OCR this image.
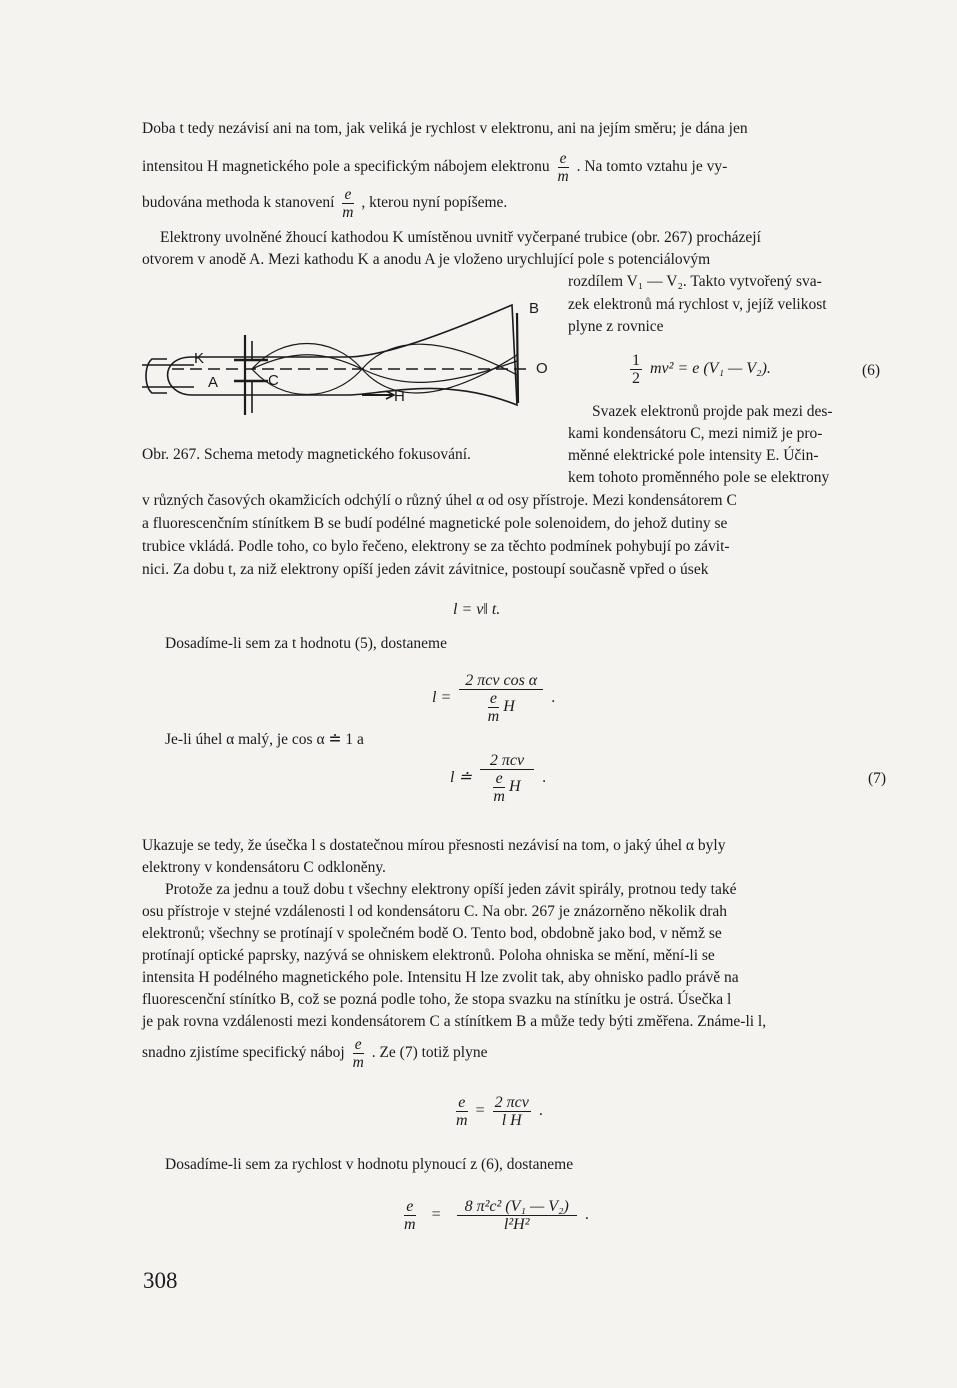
Doba t tedy nezávisí ani na tom, jak veliká je rychlost v elektronu, ani na jejím směru; je dána jen
intensitou H magnetického pole a specifickým nábojem elektronu $\frac{e}{m}$ . Na tomto vztahu je vy-
budována methoda k stanovení $\frac{e}{m}$ , kterou nyní popíšeme.
Elektrony uvolněné žhoucí kathodou K umístěnou uvnitř vyčerpané trubice (obr. 267) procházejí
otvorem v anodě A. Mezi kathodu K a anodu A je vloženo urychlující pole s potenciálovým
rozdílem V₁ — V₂. Takto vytvořený sva-
zek elektronů má rychlost v, jejíž velikost
plyne z rovnice
$\frac{1}{2} mv^2 = e$ (V₁ — V₂).	(6)
K
A	C
B
O
H
Obr. 267. Schema metody magnetického fokusování.
Svazek elektronů projde pak mezi des-
kami kondensátoru C, mezi nimiž je pro-
měnné elektrické pole intensity E. Účin-
kem tohoto proměnného pole se elektrony
v různých časových okamžicích odchýlí o různý úhel α od osy přístroje. Mezi kondensátorem C
a fluorescenčním stínítkem B se budí podélné magnetické pole solenoidem, do jehož dutiny se
trubice vkládá. Podle toho, co bylo řečeno, elektrony se za těchto podmínek pohybují po závit-
nici. Za dobu t, za niž elektrony opíší jeden závit závitnice, postoupí současně vpřed o úsek
l = v‖ t.
Dosadíme-li sem za t hodnotu (5), dostaneme
$l = \frac{\text{2 πcv cos α}}{\frac{e}{m} H}$ .
Je-li úhel α malý, je cos α ≐ 1 a
l ≐ $\frac{\text{2 πcv}}{\frac{e}{m} H}$ .	(7)
Ukazuje se tedy, že úsečka l s dostatečnou mírou přesnosti nezávisí na tom, o jaký úhel α byly
elektrony v kondensátoru C odkloněny.
Protože za jednu a touž dobu t všechny elektrony opíší jeden závit spirály, protnou tedy také
osu přístroje v stejné vzdálenosti l od kondensátoru C. Na obr. 267 je znázorněno několik drah
elektronů; všechny se protínají v společném bodě O. Tento bod, obdobně jako bod, v němž se
protínají optické paprsky, nazývá se ohniskem elektronů. Poloha ohniska se mění, mění-li se
intensita H podélného magnetického pole. Intensitu H lze zvolit tak, aby ohnisko padlo právě na
fluorescenční stínítko B, což se pozná podle toho, že stopa svazku na stínítku je ostrá. Úsečka l
je pak rovna vzdálenosti mezi kondensátorem C a stínítkem B a může tedy býti změřena. Známe-li l,
snadno zjistíme specifický náboj $\frac{e}{m}$ . Ze (7) totiž plyne
$\frac{e}{m} = \frac{\text{2 πcv}}{\text{l H}}$ .
Dosadíme-li sem za rychlost v hodnotu plynoucí z (6), dostaneme
$\frac{e}{m} = \frac{\text{8 π²c² (V₁ — V₂)}}{\text{l²H²}}$ .
308
